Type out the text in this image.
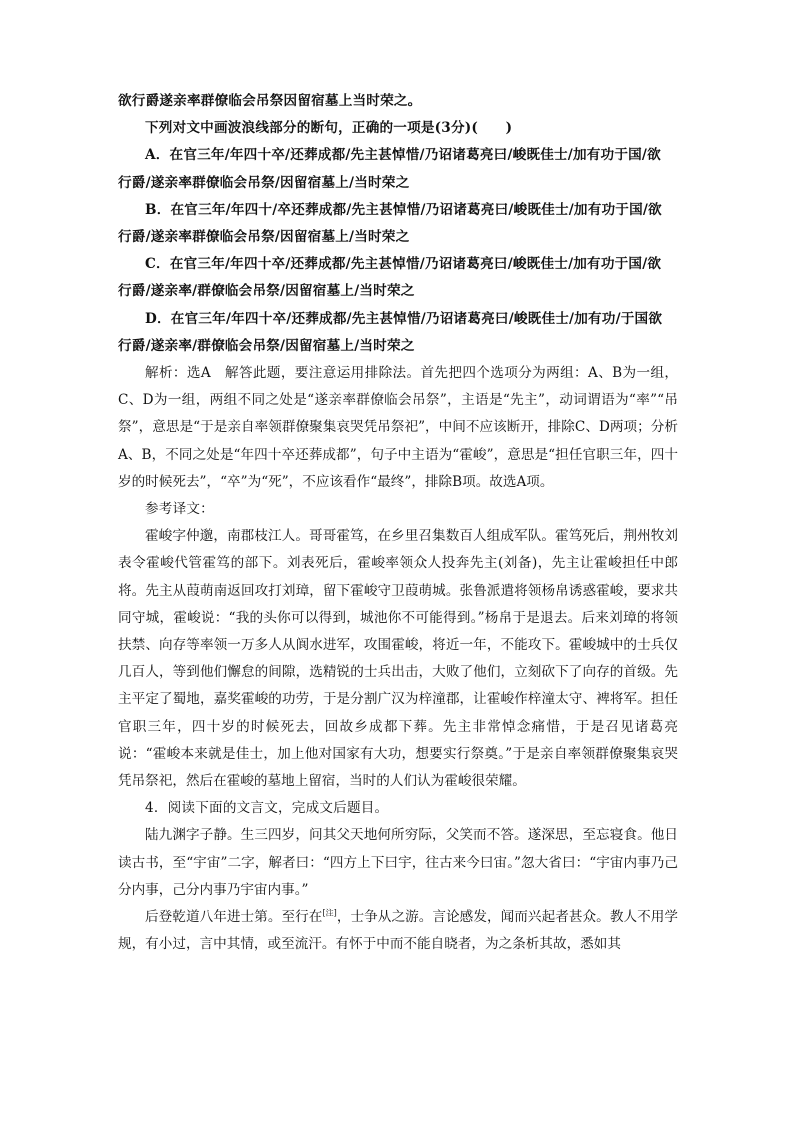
欲行爵遂亲率群僚临会吊祭因留宿墓上当时荣之。
下列对文中画波浪线部分的断句，正确的一项是(3分)(　　)
A．在官三年/年四十卒/还葬成都/先主甚悼惜/乃诏诸葛亮曰/峻既佳士/加有功于国/欲
行爵/遂亲率群僚临会吊祭/因留宿墓上/当时荣之
B．在官三年/年四十/卒还葬成都/先主甚悼惜/乃诏诸葛亮曰/峻既佳士/加有功于国/欲
行爵/遂亲率群僚临会吊祭/因留宿墓上/当时荣之
C．在官三年/年四十卒/还葬成都/先主甚悼惜/乃诏诸葛亮曰/峻既佳士/加有功于国/欲
行爵/遂亲率/群僚临会吊祭/因留宿墓上/当时荣之
D．在官三年/年四十卒/还葬成都/先主甚悼惜/乃诏诸葛亮曰/峻既佳士/加有功/于国欲
行爵/遂亲率/群僚临会吊祭/因留宿墓上/当时荣之
解析：选A　解答此题，要注意运用排除法。首先把四个选项分为两组：A、B为一组，C、D为一组，两组不同之处是“遂亲率群僚临会吊祭”，主语是“先主”，动词谓语为“率”“吊祭”，意思是“于是亲自率领群僚聚集哀哭凭吊祭祀”，中间不应该断开，排除C、D两项；分析A、B，不同之处是“年四十卒还葬成都”，句子中主语为“霍峻”，意思是“担任官职三年，四十岁的时候死去”，“卒”为“死”，不应该看作“最终”，排除B项。故选A项。
参考译文：
霍峻字仲邈，南郡枝江人。哥哥霍笃，在乡里召集数百人组成军队。霍笃死后，荆州牧刘表令霍峻代管霍笃的部下。刘表死后，霍峻率领众人投奔先主(刘备)，先主让霍峻担任中郎将。先主从葭萌南返回攻打刘璋，留下霍峻守卫葭萌城。张鲁派遣将领杨帛诱惑霍峻，要求共同守城，霍峻说：“我的头你可以得到，城池你不可能得到。”杨帛于是退去。后来刘璋的将领扶禁、向存等率领一万多人从阆水进军，攻围霍峻，将近一年，不能攻下。霍峻城中的士兵仅几百人，等到他们懈怠的间隙，选精锐的士兵出击，大败了他们，立刻砍下了向存的首级。先主平定了蜀地，嘉奖霍峻的功劳，于是分割广汉为梓潼郡，让霍峻作梓潼太守、裨将军。担任官职三年，四十岁的时候死去，回故乡成都下葬。先主非常悼念痛惜，于是召见诸葛亮说：“霍峻本来就是佳士，加上他对国家有大功，想要实行祭奠。”于是亲自率领群僚聚集哀哭凭吊祭祀，然后在霍峻的墓地上留宿，当时的人们认为霍峻很荣耀。
4．阅读下面的文言文，完成文后题目。
陆九渊字子静。生三四岁，问其父天地何所穷际，父笑而不答。遂深思，至忘寝食。他日读古书，至“宇宙”二字，解者曰：“四方上下曰宇，往古来今曰宙。”忽大省曰：“宇宙内事乃己分内事，己分内事乃宇宙内事。”
后登乾道八年进士第。至行在[注]，士争从之游。言论感发，闻而兴起者甚众。教人不用学规，有小过，言中其情，或至流汗。有怀于中而不能自晓者，为之条析其故，悉如其
